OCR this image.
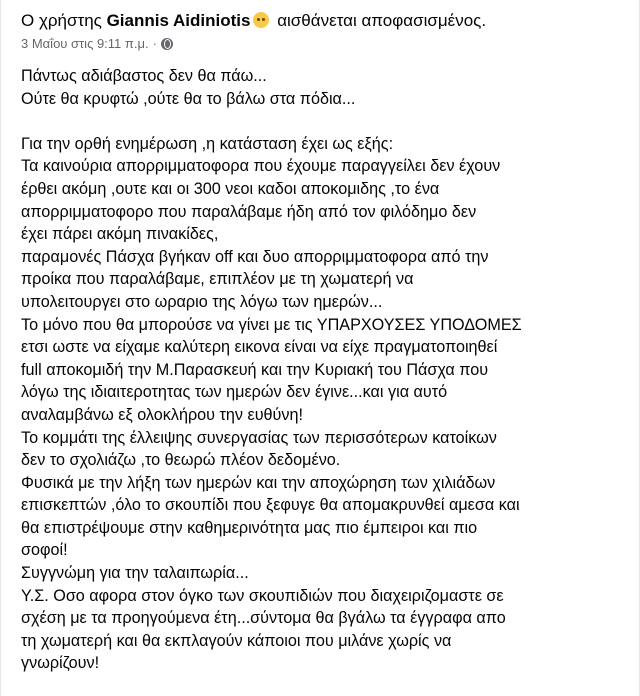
Ο χρήστης Giannis Aidiniotis αισθάνεται αποφασισμένος.
3 Μαΐου στις 9:11 π.μ. ·
Πάντως αδιάβαστος δεν θα πάω...
Ούτε θα κρυφτώ ,ούτε θα το βάλω στα πόδια...
Για την ορθή ενημέρωση ,η κατάσταση έχει ως εξής:
Τα καινούρια απορριμματοφορα που έχουμε παραγγείλει δεν έχουν
έρθει ακόμη ,ουτε και οι 300 νεοι καδοι αποκομιδης ,το ένα
απορριμματοφορο που παραλάβαμε ήδη από τον φιλόδημο δεν
έχει πάρει ακόμη πινακίδες,
παραμονές Πάσχα βγήκαν off και δυο απορριμματοφορα από την
προίκα που παραλάβαμε, επιπλέον με τη χωματερή να
υπολειτουργει στο ωραριο της λόγω των ημερών...
Το μόνο που θα μπορούσε να γίνει με τις ΥΠΑΡΧΟΥΣΕΣ ΥΠΟΔΟΜΕΣ
ετσι ωστε να είχαμε καλύτερη εικονα είναι να είχε πραγματοποιηθεί
full αποκομιδή την Μ.Παρασκευή και την Κυριακή του Πάσχα που
λόγω της ιδιαιτεροτητας των ημερών δεν έγινε...και για αυτό
αναλαμβάνω εξ ολοκλήρου την ευθύνη!
Το κομμάτι της έλλειψης συνεργασίας των περισσότερων κατοίκων
δεν το σχολιάζω ,το θεωρώ πλέον δεδομένο.
Φυσικά με την λήξη των ημερών και την αποχώρηση των χιλιάδων
επισκεπτών ,όλο το σκουπίδι που ξεφυγε θα απομακρυνθεί αμεσα και
θα επιστρέψουμε στην καθημερινότητα μας πιο έμπειροι και πιο
σοφοί!
Συγγνώμη για την ταλαιπωρία...
Υ.Σ. Οσο αφορα στον όγκο των σκουπιδιών που διαχειριζομαστε σε
σχέση με τα προηγούμενα έτη...σύντομα θα βγάλω τα έγγραφα απο
τη χωματερή και θα εκπλαγούν κάποιοι που μιλάνε χωρίς να
γνωρίζουν!
